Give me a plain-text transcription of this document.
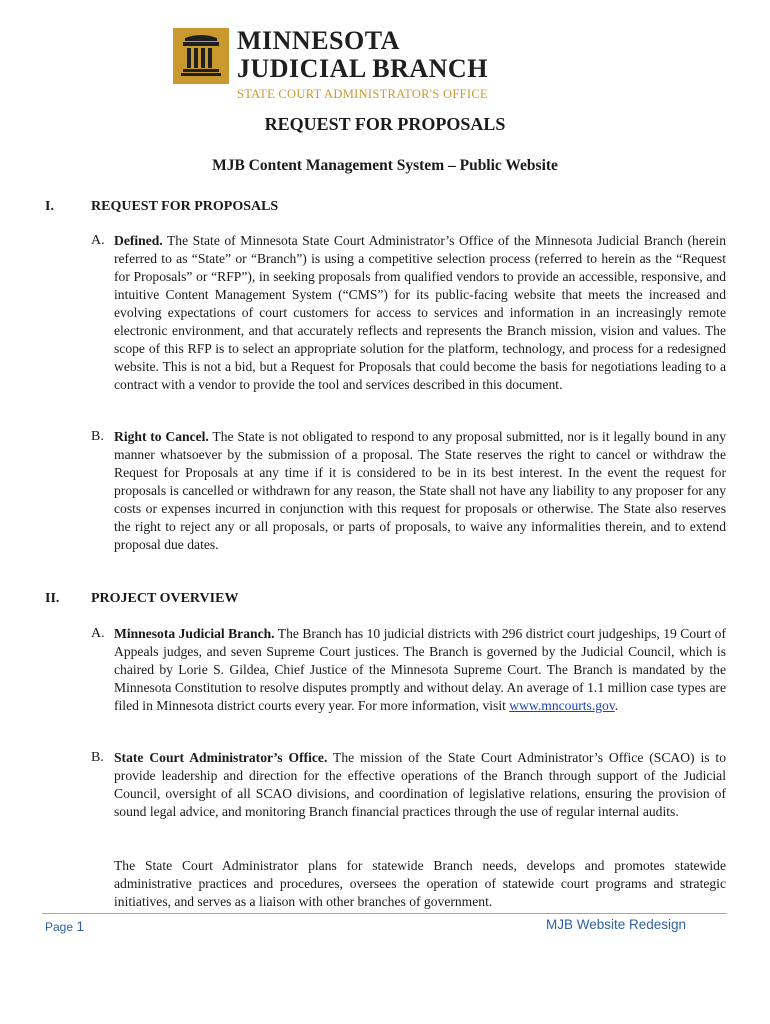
MINNESOTA
JUDICIAL BRANCH
STATE COURT ADMINISTRATOR'S OFFICE
REQUEST FOR PROPOSALS
MJB Content Management System – Public Website
I.	REQUEST FOR PROPOSALS
A. Defined. The State of Minnesota State Court Administrator’s Office of the Minnesota Judicial Branch (herein referred to as “State” or “Branch”) is using a competitive selection process (referred to herein as the “Request for Proposals” or “RFP”), in seeking proposals from qualified vendors to provide an accessible, responsive, and intuitive Content Management System (“CMS”) for its public-facing website that meets the increased and evolving expectations of court customers for access to services and information in an increasingly remote electronic environment, and that accurately reflects and represents the Branch mission, vision and values. The scope of this RFP is to select an appropriate solution for the platform, technology, and process for a redesigned website. This is not a bid, but a Request for Proposals that could become the basis for negotiations leading to a contract with a vendor to provide the tool and services described in this document.
B. Right to Cancel. The State is not obligated to respond to any proposal submitted, nor is it legally bound in any manner whatsoever by the submission of a proposal. The State reserves the right to cancel or withdraw the Request for Proposals at any time if it is considered to be in its best interest. In the event the request for proposals is cancelled or withdrawn for any reason, the State shall not have any liability to any proposer for any costs or expenses incurred in conjunction with this request for proposals or otherwise. The State also reserves the right to reject any or all proposals, or parts of proposals, to waive any informalities therein, and to extend proposal due dates.
II. PROJECT OVERVIEW
A. Minnesota Judicial Branch. The Branch has 10 judicial districts with 296 district court judgeships, 19 Court of Appeals judges, and seven Supreme Court justices. The Branch is governed by the Judicial Council, which is chaired by Lorie S. Gildea, Chief Justice of the Minnesota Supreme Court. The Branch is mandated by the Minnesota Constitution to resolve disputes promptly and without delay. An average of 1.1 million case types are filed in Minnesota district courts every year. For more information, visit www.mncourts.gov.
B. State Court Administrator’s Office. The mission of the State Court Administrator’s Office (SCAO) is to provide leadership and direction for the effective operations of the Branch through support of the Judicial Council, oversight of all SCAO divisions, and coordination of legislative relations, ensuring the provision of sound legal advice, and monitoring Branch financial practices through the use of regular internal audits.
The State Court Administrator plans for statewide Branch needs, develops and promotes statewide administrative practices and procedures, oversees the operation of statewide court programs and strategic initiatives, and serves as a liaison with other branches of government.
Page 1	MJB Website Redesign
